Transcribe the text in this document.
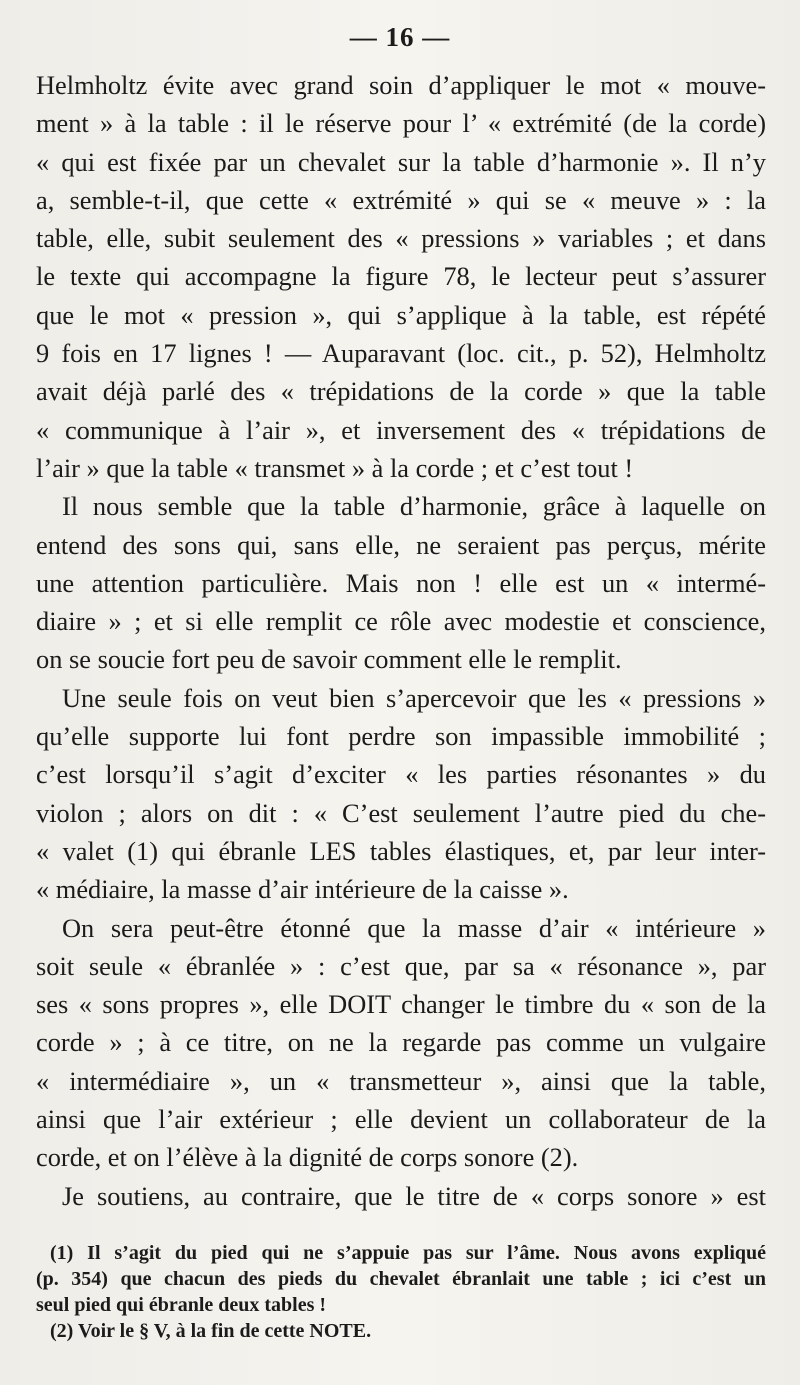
— 16 —
Helmholtz évite avec grand soin d’appliquer le mot « mouve-
ment » à la table : il le réserve pour l’ « extrémité (de la corde)
« qui est fixée par un chevalet sur la table d’harmonie ». Il n’y
a, semble-t-il, que cette « extrémité » qui se « meuve » : la
table, elle, subit seulement des « pressions » variables ; et dans
le texte qui accompagne la figure 78, le lecteur peut s’assurer
que le mot « pression », qui s’applique à la table, est répété
9 fois en 17 lignes ! — Auparavant (loc. cit., p. 52), Helmholtz
avait déjà parlé des « trépidations de la corde » que la table
« communique à l’air », et inversement des « trépidations de
l’air » que la table « transmet » à la corde ; et c’est tout !
Il nous semble que la table d’harmonie, grâce à laquelle on
entend des sons qui, sans elle, ne seraient pas perçus, mérite
une attention particulière. Mais non ! elle est un « intermé-
diaire » ; et si elle remplit ce rôle avec modestie et conscience,
on se soucie fort peu de savoir comment elle le remplit.
Une seule fois on veut bien s’apercevoir que les « pressions »
qu’elle supporte lui font perdre son impassible immobilité ;
c’est lorsqu’il s’agit d’exciter « les parties résonantes » du
violon ; alors on dit : « C’est seulement l’autre pied du che-
« valet (1) qui ébranle LES tables élastiques, et, par leur inter-
« médiaire, la masse d’air intérieure de la caisse ».
On sera peut-être étonné que la masse d’air « intérieure »
soit seule « ébranlée » : c’est que, par sa « résonance », par
ses « sons propres », elle DOIT changer le timbre du « son de la
corde » ; à ce titre, on ne la regarde pas comme un vulgaire
« intermédiaire », un « transmetteur », ainsi que la table,
ainsi que l’air extérieur ; elle devient un collaborateur de la
corde, et on l’élève à la dignité de corps sonore (2).
Je soutiens, au contraire, que le titre de « corps sonore » est
(1) Il s’agit du pied qui ne s’appuie pas sur l’âme. Nous avons expliqué
(p. 354) que chacun des pieds du chevalet ébranlait une table ; ici c’est un
seul pied qui ébranle deux tables !
(2) Voir le § V, à la fin de cette NOTE.
